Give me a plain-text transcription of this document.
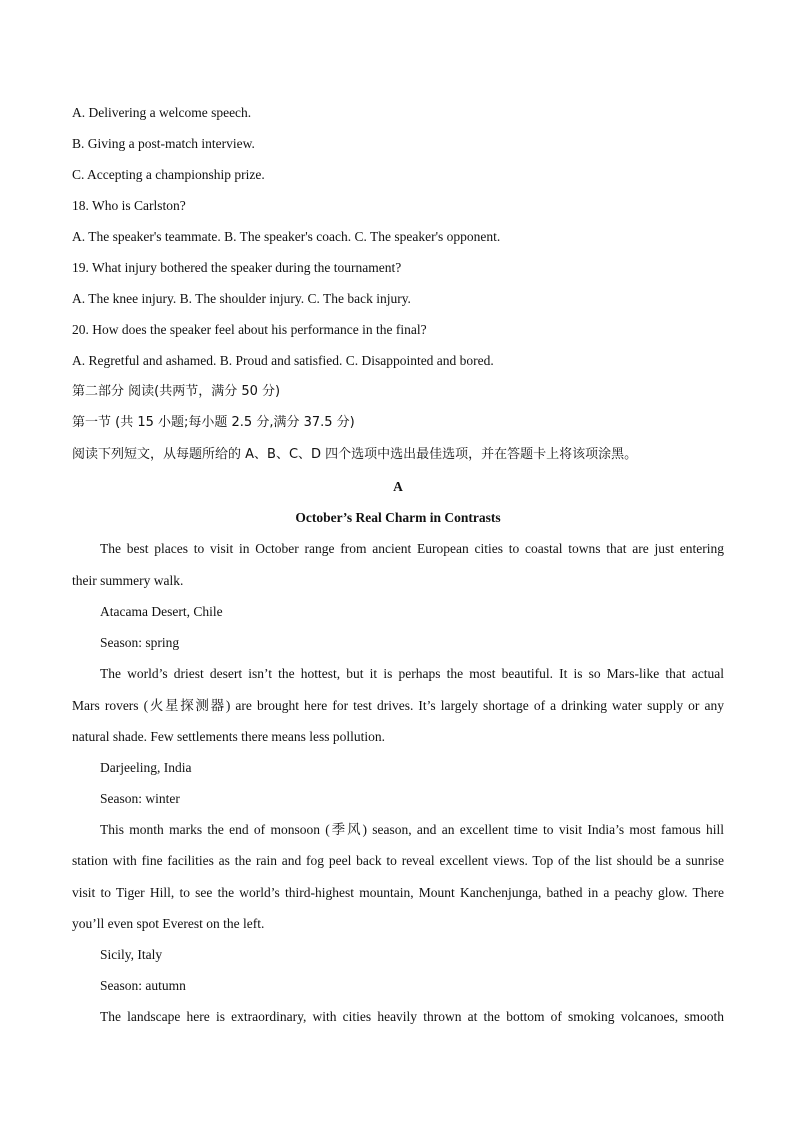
A. Delivering a welcome speech.
B. Giving a post-match interview.
C. Accepting a championship prize.
18. Who is Carlston?
A. The speaker's teammate. B. The speaker's coach. C. The speaker's opponent.
19. What injury bothered the speaker during the tournament?
A. The knee injury. B. The shoulder injury. C. The back injury.
20. How does the speaker feel about his performance in the final?
A. Regretful and ashamed. B. Proud and satisfied. C. Disappointed and bored.
第二部分 阅读(共两节，满分 50 分)
第一节 (共 15 小题;每小题 2.5 分,满分 37.5 分)
阅读下列短文，从每题所给的 A、B、C、D 四个选项中选出最佳选项，并在答题卡上将该项涂黑。
A
October’s Real Charm in Contrasts
The best places to visit in October range from ancient European cities to coastal towns that are just entering
their summery walk.
Atacama Desert, Chile
Season: spring
The world’s driest desert isn’t the hottest, but it is perhaps the most beautiful. It is so Mars-like that actual
Mars rovers (火星探测器) are brought here for test drives. It’s largely shortage of a drinking water supply or any
natural shade. Few settlements there means less pollution.
Darjeeling, India
Season: winter
This month marks the end of monsoon (季风) season, and an excellent time to visit India’s most famous hill
station with fine facilities as the rain and fog peel back to reveal excellent views. Top of the list should be a sunrise
visit to Tiger Hill, to see the world’s third-highest mountain, Mount Kanchenjunga, bathed in a peachy glow. There
you’ll even spot Everest on the left.
Sicily, Italy
Season: autumn
The landscape here is extraordinary, with cities heavily thrown at the bottom of smoking volcanoes, smooth
